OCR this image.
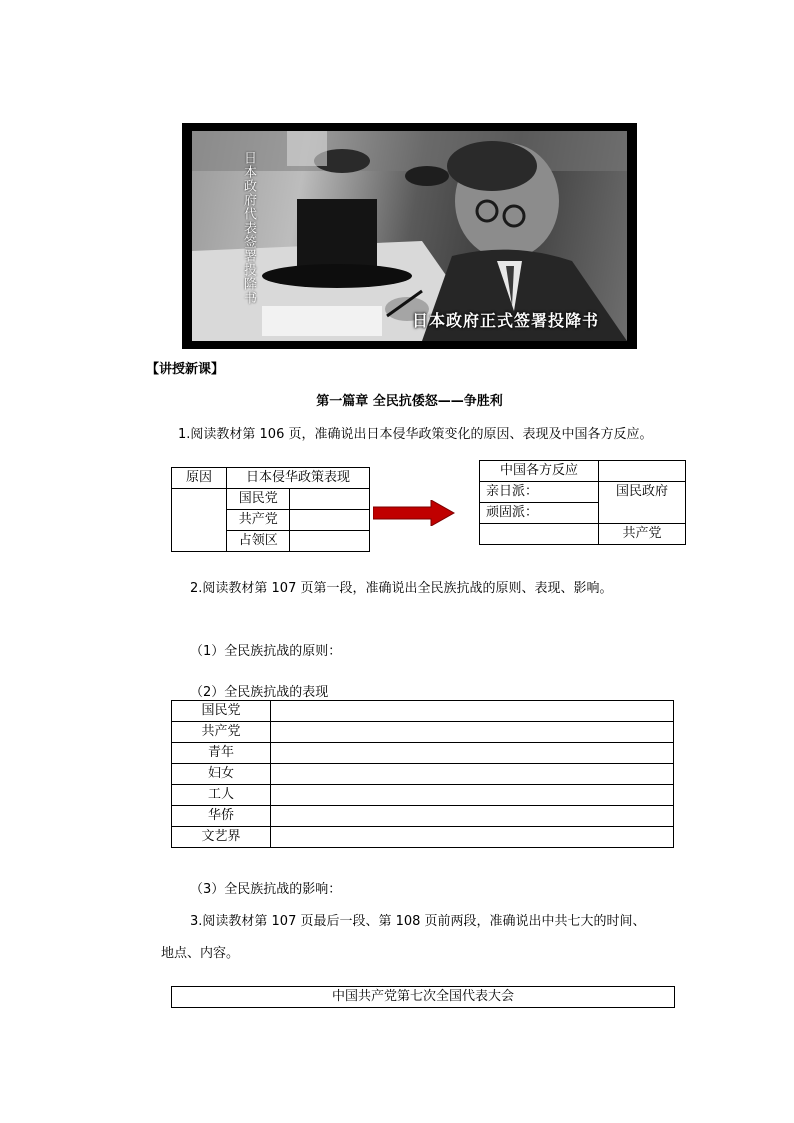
日本政府代表签署投降书
日本政府正式签署投降书
【讲授新课】
第一篇章 全民抗倭怒——争胜利
1.阅读教材第 106 页，准确说出日本侵华政策变化的原因、表现及中国各方反应。
原因	日本侵华政策表现	
	国民党	
	共产党	
	占领区	
中国各方反应	
亲日派：	国民政府
顽固派：	
	共产党
2.阅读教材第 107 页第一段，准确说出全民族抗战的原则、表现、影响。
（1）全民族抗战的原则：
（2）全民族抗战的表现
国民党	
共产党	
青年	
妇女	
工人	
华侨	
文艺界	
（3）全民族抗战的影响：
3.阅读教材第 107 页最后一段、第 108 页前两段，准确说出中共七大的时间、
地点、内容。
中国共产党第七次全国代表大会
